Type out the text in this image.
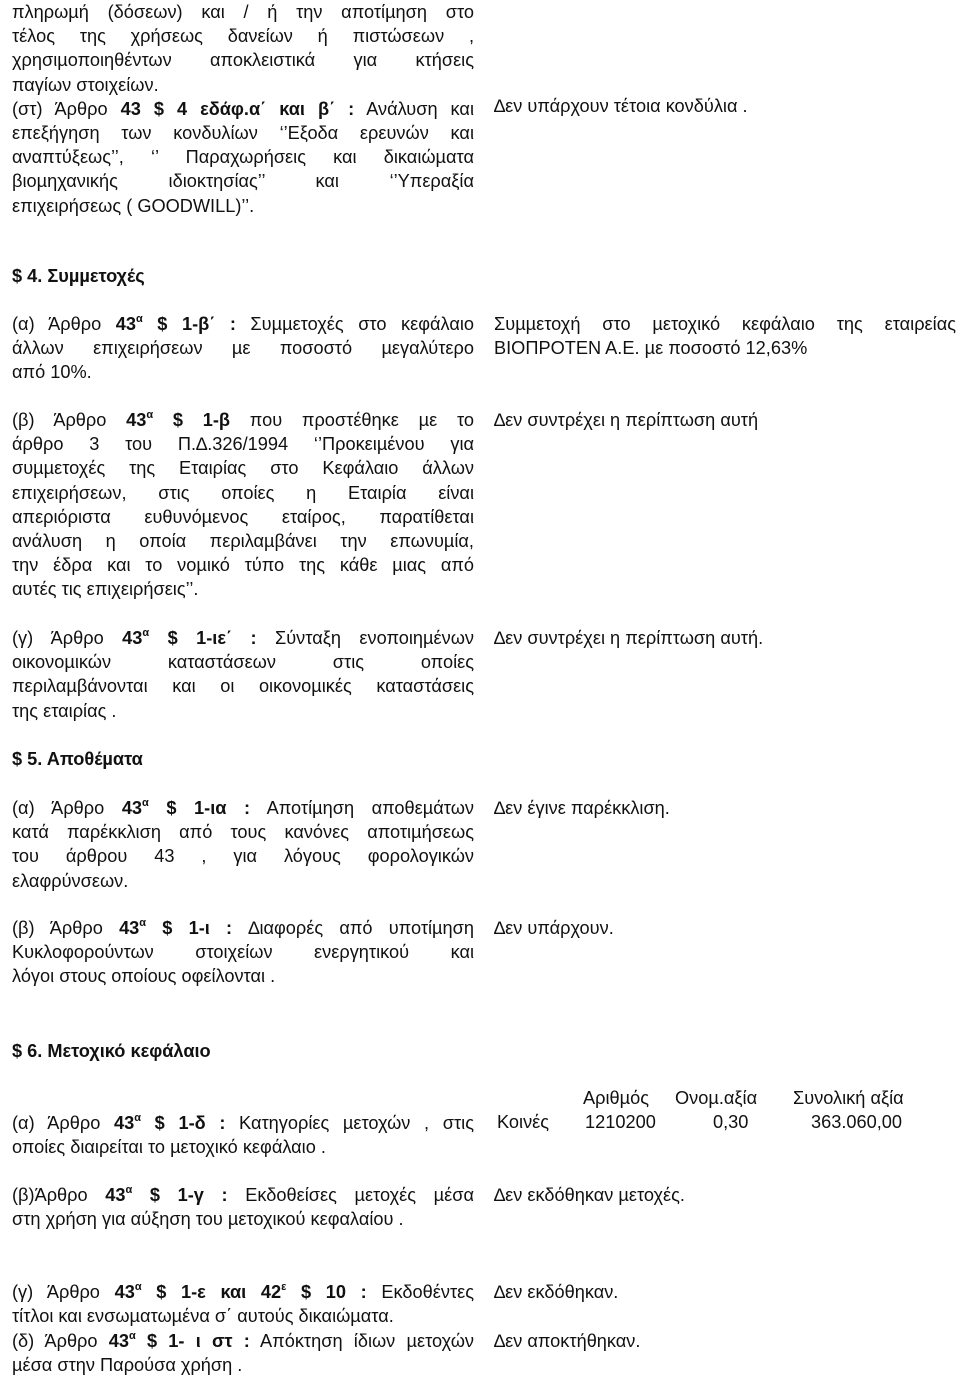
πληρωµή (δόσεων) και / ή την αποτίµηση στο
τέλος της χρήσεως δανείων ή πιστώσεων ,
χρησιµοποιηθέντων αποκλειστικά για κτήσεις
παγίων στοιχείων.
(στ) Άρθρο 43 $ 4 εδάφ.α΄ και β΄ : Ανάλυση και
επεξήγηση των κονδυλίων ‘’Εξοδα ερευνών και
αναπτύξεως’’, ‘’ Παραχωρήσεις και δικαιώµατα
βιοµηχανικής ιδιοκτησίας’’ και ‘’Υπεραξία
επιχειρήσεως ( GOODWILL)’’.
∆εν υπάρχουν τέτοια κονδύλια .
$ 4. Συµµετοχές
(α) Άρθρο $43^\alpha$ $ 1-β΄ : Συµµετοχές στο κεφάλαιο
άλλων επιχειρήσεων µε ποσοστό µεγαλύτερο
από 10%.
Συµµετοχή στο µετοχικό κεφάλαιο της εταιρείας
ΒΙΟΠΡΟΤΕΝ Α.Ε. µε ποσοστό 12,63%
(β) Άρθρο $43^\alpha$ $ 1-β που προστέθηκε µε το
άρθρο 3 του Π.∆.326/1994 ‘’Προκειµένου για
συµµετοχές της Εταιρίας στο Κεφάλαιο άλλων
επιχειρήσεων, στις οποίες η Εταιρία είναι
απεριόριστα ευθυνόµενος εταίρος, παρατίθεται
ανάλυση η οποία περιλαµβάνει την επωνυµία,
την έδρα και το νοµικό τύπο της κάθε µιας από
αυτές τις επιχειρήσεις’’.
∆εν συντρέχει η περίπτωση αυτή
(γ) Άρθρο $43^\alpha$ $ 1-ιε΄ : Σύνταξη ενοποιηµένων
οικονοµικών καταστάσεων στις οποίες
περιλαµβάνονται και οι οικονοµικές καταστάσεις
της εταιρίας .
∆εν συντρέχει η περίπτωση αυτή.
$ 5. Αποθέµατα
(α) Άρθρο $43^\alpha$ $ 1-ια : Αποτίµηση αποθεµάτων
κατά παρέκκλιση από τους κανόνες αποτιµήσεως
του άρθρου 43 , για λόγους φορολογικών
ελαφρύνσεων.
∆εν έγινε παρέκκλιση.
(β) Άρθρο $43^\alpha$ $ 1-ι : ∆ιαφορές από υποτίµηση
Κυκλοφορούντων στοιχείων ενεργητικού και
λόγοι στους οποίους οφείλονται .
∆εν υπάρχουν.
$ 6. Μετοχικό κεφάλαιο
Αριθµός Ονοµ.αξία Συνολική αξία
Κοινές 1210200	0,30	363.060,00
(α) Άρθρο $43^\alpha$ $ 1-δ : Κατηγορίες µετοχών , στις
οποίες διαιρείται το µετοχικό κεφάλαιο .
(β)Άρθρο $43^\alpha$ $ 1-γ : Εκδοθείσες µετοχές µέσα
στη χρήση για αύξηση του µετοχικού κεφαλαίου .
∆εν εκδόθηκαν µετοχές.
(γ) Άρθρο $43^\alpha$ $ 1-ε και $42^\varepsilon$ $ 10 : Εκδοθέντες
τίτλοι και ενσωµατωµένα σ΄ αυτούς δικαιώµατα.
∆εν εκδόθηκαν.
(δ) Άρθρο $43^\alpha$ $ 1- ι στ : Απόκτηση ίδιων µετοχών
µέσα στην Παρούσα χρήση .
∆εν αποκτήθηκαν.
